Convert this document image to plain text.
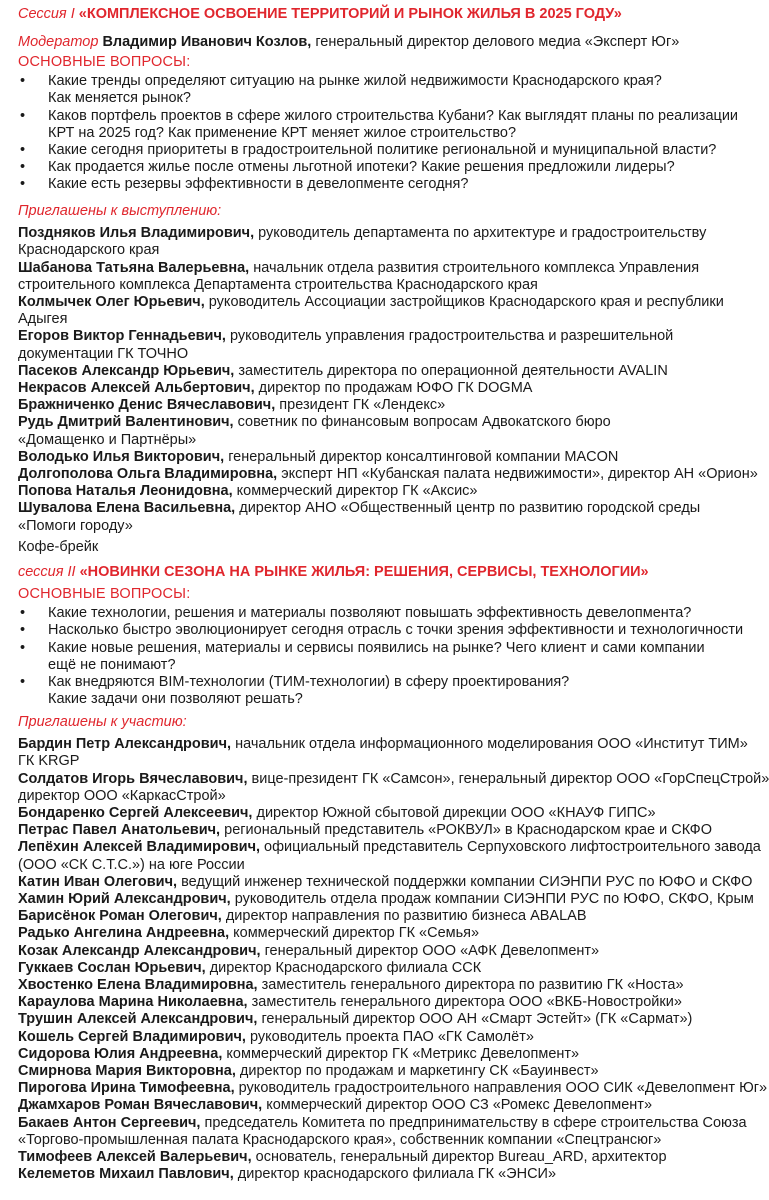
Сессия I «КОМПЛЕКСНОЕ ОСВОЕНИЕ ТЕРРИТОРИЙ И РЫНОК ЖИЛЬЯ В 2025 ГОДУ»
Модератор Владимир Иванович Козлов, генеральный директор делового медиа «Эксперт Юг»
ОСНОВНЫЕ ВОПРОСЫ:
• Какие тренды определяют ситуацию на рынке жилой недвижимости Краснодарского края?
Как меняется рынок?
• Каков портфель проектов в сфере жилого строительства Кубани? Как выглядят планы по реализации
КРТ на 2025 год? Как применение КРТ меняет жилое строительство?
• Какие сегодня приоритеты в градостроительной политике региональной и муниципальной власти?
• Как продается жилье после отмены льготной ипотеки? Какие решения предложили лидеры?
• Какие есть резервы эффективности в девелопменте сегодня?
Приглашены к выступлению:
Поздняков Илья Владимирович, руководитель департамента по архитектуре и градостроительству
Краснодарского края
Шабанова Татьяна Валерьевна, начальник отдела развития строительного комплекса Управления
строительного комплекса Департамента строительства Краснодарского края
Колмычек Олег Юрьевич, руководитель Ассоциации застройщиков Краснодарского края и республики
Адыгея
Егоров Виктор Геннадьевич, руководитель управления градостроительства и разрешительной
документации ГК ТОЧНО
Пасеков Александр Юрьевич, заместитель директора по операционной деятельности AVALIN
Некрасов Алексей Альбертович, директор по продажам ЮФО ГК DOGMA
Бражниченко Денис Вячеславович, президент ГК «Лендекс»
Рудь Дмитрий Валентинович, советник по финансовым вопросам Адвокатского бюро
«Домащенко и Партнёры»
Володько Илья Викторович, генеральный директор консалтинговой компании MACON
Долгополова Ольга Владимировна, эксперт НП «Кубанская палата недвижимости», директор АН «Орион»
Попова Наталья Леонидовна, коммерческий директор ГК «Аксис»
Шувалова Елена Васильевна, директор АНО «Общественный центр по развитию городской среды
«Помоги городу»
Кофе-брейк
сессия II «НОВИНКИ СЕЗОНА НА РЫНКЕ ЖИЛЬЯ: РЕШЕНИЯ, СЕРВИСЫ, ТЕХНОЛОГИИ»
ОСНОВНЫЕ ВОПРОСЫ:
• Какие технологии, решения и материалы позволяют повышать эффективность девелопмента?
• Насколько быстро эволюционирует сегодня отрасль с точки зрения эффективности и технологичности
• Какие новые решения, материалы и сервисы появились на рынке? Чего клиент и сами компании
ещё не понимают?
• Как внедряются BIM-технологии (ТИМ-технологии) в сферу проектирования?
Какие задачи они позволяют решать?
Приглашены к участию:
Бардин Петр Александрович, начальник отдела информационного моделирования ООО «Институт ТИМ»
ГК KRGP
Солдатов Игорь Вячеславович, вице-президент ГК «Самсон», генеральный директор ООО «ГорСпецСтрой»
директор ООО «КаркасСтрой»
Бондаренко Сергей Алексеевич, директор Южной сбытовой дирекции ООО «КНАУФ ГИПС»
Петрас Павел Анатольевич, региональный представитель «РОКВУЛ» в Краснодарском крае и СКФО
Лепёхин Алексей Владимирович, официальный представитель Серпуховского лифтостроительного завода
(ООО «СК С.Т.С.») на юге России
Катин Иван Олегович, ведущий инженер технической поддержки компании СИЭНПИ РУС по ЮФО и СКФО
Хамин Юрий Александрович, руководитель отдела продаж компании СИЭНПИ РУС по ЮФО, СКФО, Крым
Барисёнок Роман Олегович, директор направления по развитию бизнеса ABALAB
Радько Ангелина Андреевна, коммерческий директор ГК «Семья»
Козак Александр Александрович, генеральный директор ООО «АФК Девелопмент»
Гуккаев Сослан Юрьевич, директор Краснодарского филиала ССК
Хвостенко Елена Владимировна, заместитель генерального директора по развитию ГК «Носта»
Караулова Марина Николаевна, заместитель генерального директора ООО «ВКБ-Новостройки»
Трушин Алексей Александрович, генеральный директор ООО АН «Смарт Эстейт» (ГК «Сармат»)
Кошель Сергей Владимирович, руководитель проекта ПАО «ГК Самолёт»
Сидорова Юлия Андреевна, коммерческий директор ГК «Метрикс Девелопмент»
Смирнова Мария Викторовна, директор по продажам и маркетингу СК «Бауинвест»
Пирогова Ирина Тимофеевна, руководитель градостроительного направления ООО СИК «Девелопмент Юг»
Джамхаров Роман Вячеславович, коммерческий директор ООО СЗ «Ромекс Девелопмент»
Бакаев Антон Сергеевич, председатель Комитета по предпринимательству в сфере строительства Союза
«Торгово-промышленная палата Краснодарского края», собственник компании «Спецтрансюг»
Тимофеев Алексей Валерьевич, основатель, генеральный директор Bureau_ARD, архитектор
Келеметов Михаил Павлович, директор краснодарского филиала ГК «ЭНСИ»
